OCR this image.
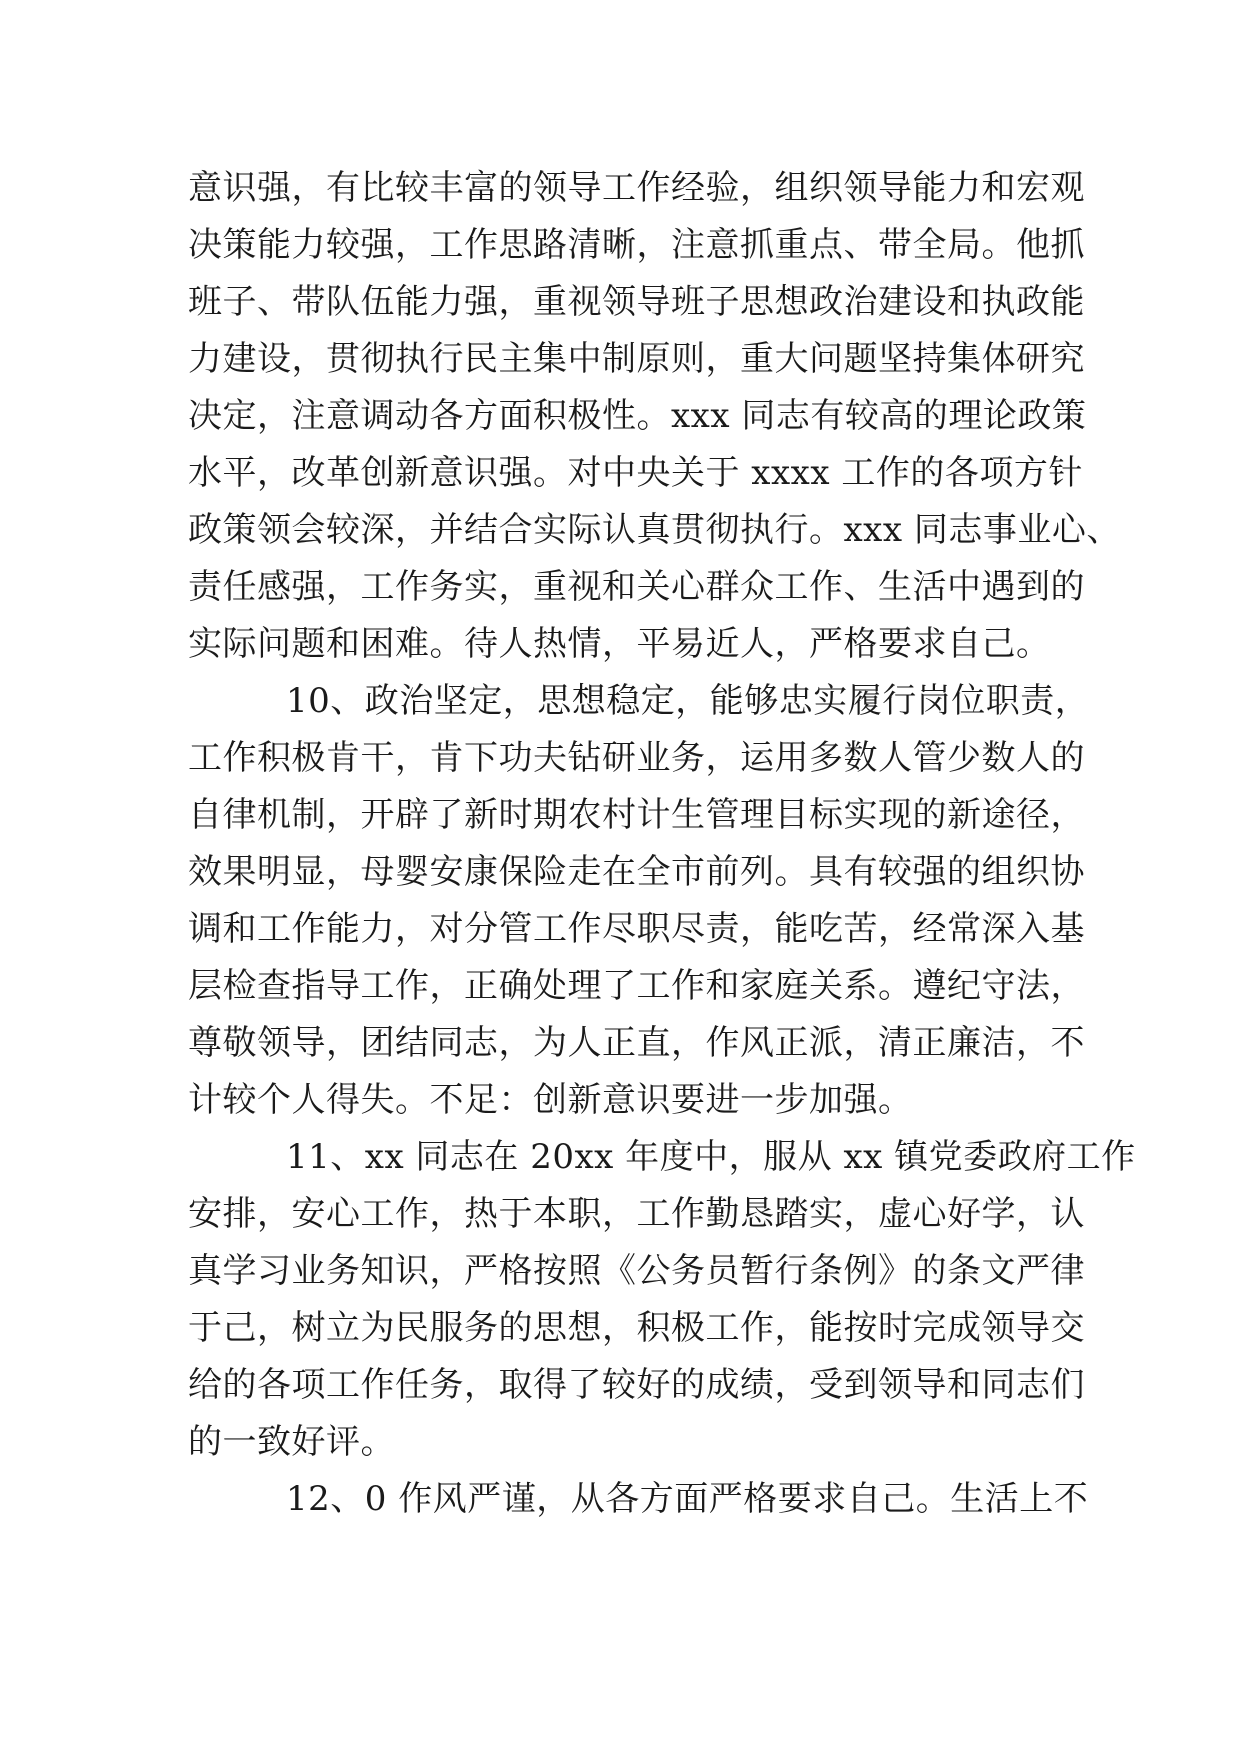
意识强，有比较丰富的领导工作经验，组织领导能力和宏观
决策能力较强，工作思路清晰，注意抓重点、带全局。他抓
班子、带队伍能力强，重视领导班子思想政治建设和执政能
力建设，贯彻执行民主集中制原则，重大问题坚持集体研究
决定，注意调动各方面积极性。xxx 同志有较高的理论政策
水平，改革创新意识强。对中央关于 xxxx 工作的各项方针
政策领会较深，并结合实际认真贯彻执行。xxx 同志事业心、
责任感强，工作务实，重视和关心群众工作、生活中遇到的
实际问题和困难。待人热情，平易近人，严格要求自己。
10、政治坚定，思想稳定，能够忠实履行岗位职责，
工作积极肯干，肯下功夫钻研业务，运用多数人管少数人的
自律机制，开辟了新时期农村计生管理目标实现的新途径，
效果明显，母婴安康保险走在全市前列。具有较强的组织协
调和工作能力，对分管工作尽职尽责，能吃苦，经常深入基
层检查指导工作，正确处理了工作和家庭关系。遵纪守法，
尊敬领导，团结同志，为人正直，作风正派，清正廉洁，不
计较个人得失。不足：创新意识要进一步加强。
11、xx 同志在 20xx 年度中，服从 xx 镇党委政府工作
安排，安心工作，热于本职，工作勤恳踏实，虚心好学，认
真学习业务知识，严格按照《公务员暂行条例》的条文严律
于己，树立为民服务的思想，积极工作，能按时完成领导交
给的各项工作任务，取得了较好的成绩，受到领导和同志们
的一致好评。
12、0 作风严谨，从各方面严格要求自己。生活上不
